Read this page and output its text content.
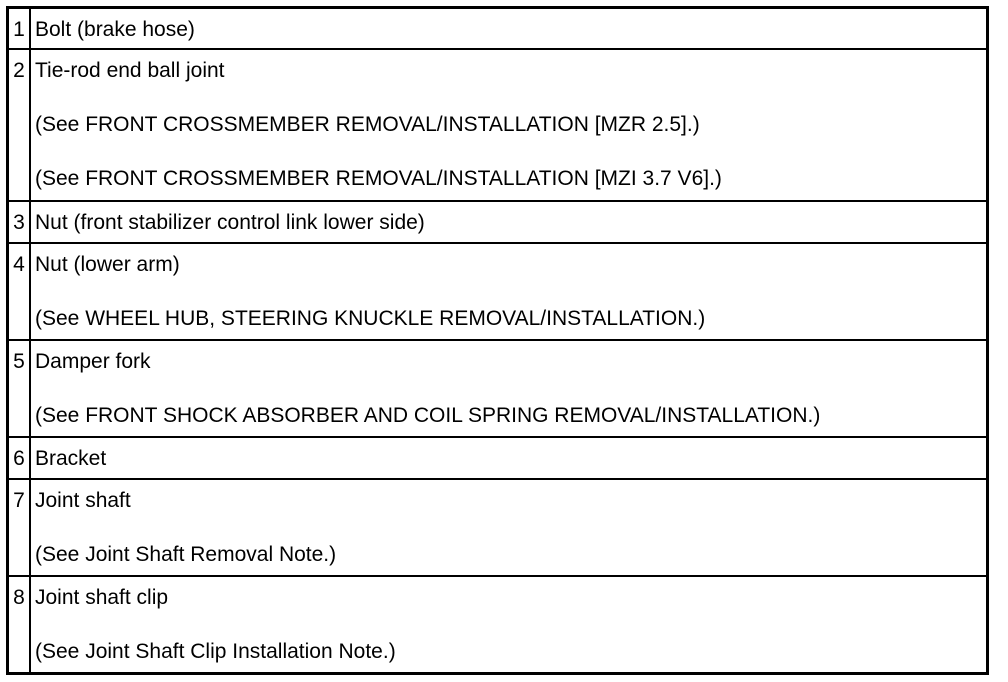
1	Bolt (brake hose)

2	Tie-rod end ball joint
(See FRONT CROSSMEMBER REMOVAL/INSTALLATION [MZR 2.5].)
(See FRONT CROSSMEMBER REMOVAL/INSTALLATION [MZI 3.7 V6].)

3	Nut (front stabilizer control link lower side)

4	Nut (lower arm)
(See WHEEL HUB, STEERING KNUCKLE REMOVAL/INSTALLATION.)

5	Damper fork
(See FRONT SHOCK ABSORBER AND COIL SPRING REMOVAL/INSTALLATION.)

6	Bracket

7	Joint shaft
(See Joint Shaft Removal Note.)

8	Joint shaft clip
(See Joint Shaft Clip Installation Note.)
